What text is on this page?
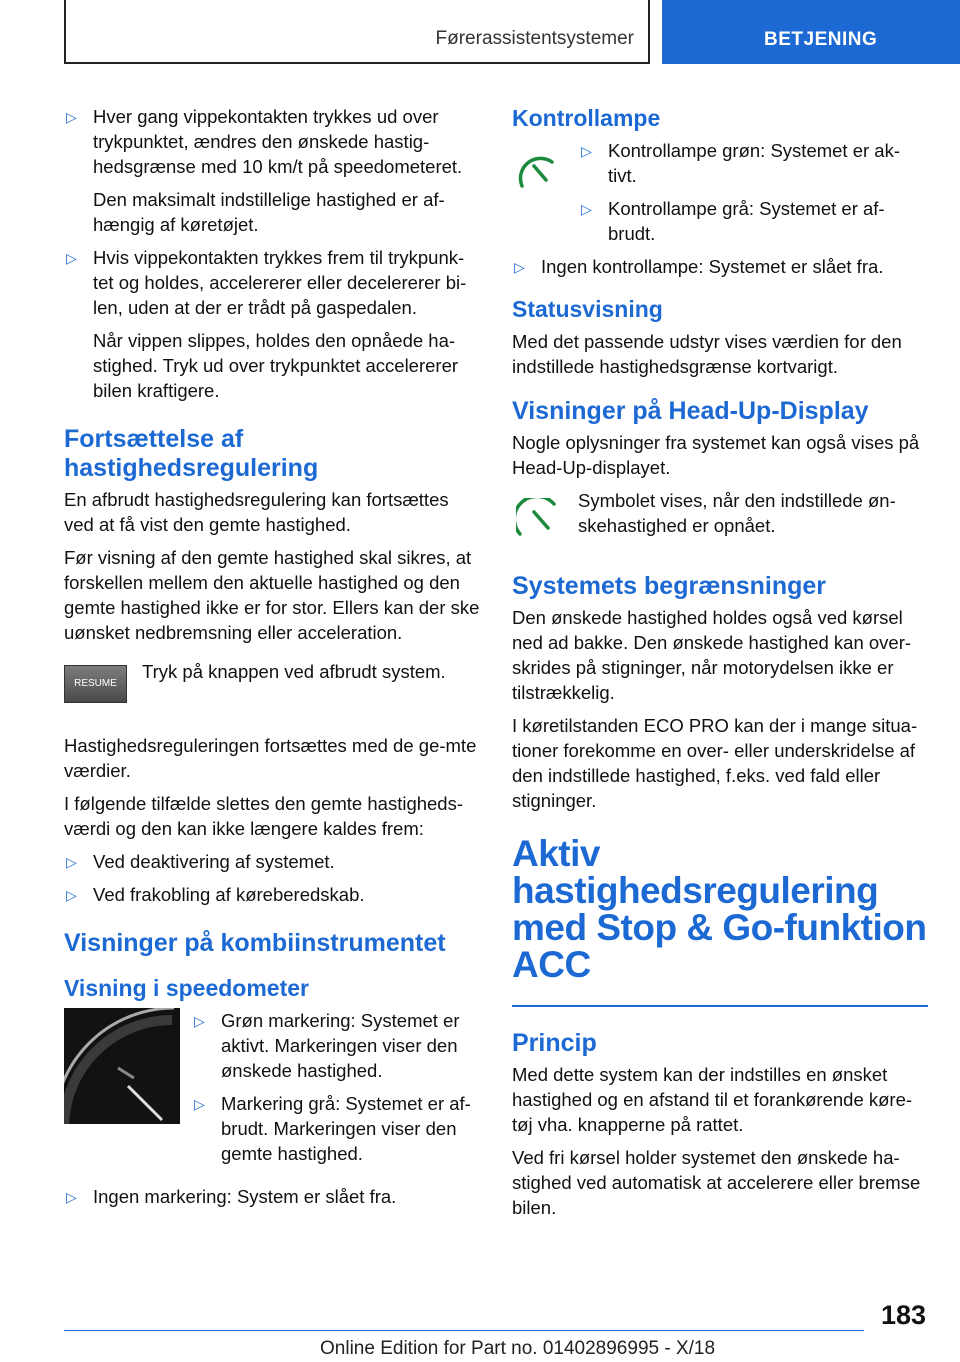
Førerassistentsystemer	BETJENING
▷ Hver gang vippekontakten trykkes ud over trykpunktet, ændres den ønskede hastig-hedsgrænse med 10 km/t på speedometeret.

Den maksimalt indstillelige hastighed er af-hængig af køretøjet.

▷ Hvis vippekontakten trykkes frem til trykpunk-tet og holdes, accelererer eller decelererer bi-len, uden at der er trådt på gaspedalen.

Når vippen slippes, holdes den opnåede ha-stighed. Tryk ud over trykpunktet accelererer bilen kraftigere.

Fortsættelse af hastighedsregulering

En afbrudt hastighedsregulering kan fortsættes ved at få vist den gemte hastighed.

Før visning af den gemte hastighed skal sikres, at forskellen mellem den aktuelle hastighed og den gemte hastighed ikke er for stor. Ellers kan der ske uønsket nedbremsning eller acceleration.

RESUME
Tryk på knappen ved afbrudt system.

Hastighedsreguleringen fortsættes med de ge-mte værdier.

I følgende tilfælde slettes den gemte hastigheds-værdi og den kan ikke længere kaldes frem:

▷ Ved deaktivering af systemet.

▷ Ved frakobling af køreberedskab.

Visninger på kombiinstrumentet
Visning i speedometer
▷ Grøn markering: Systemet er aktivt. Markeringen viser den ønskede hastighed.

▷ Markering grå: Systemet er af-brudt. Markeringen viser den gemte hastighed.

▷ Ingen markering: System er slået fra.

Kontrollampe
▷ Kontrollampe grøn: Systemet er ak-tivt.

▷ Kontrollampe grå: Systemet er af-brudt.

▷ Ingen kontrollampe: Systemet er slået fra.

Statusvisning

Med det passende udstyr vises værdien for den indstillede hastighedsgrænse kortvarigt.

Visninger på Head-Up-Display

Nogle oplysninger fra systemet kan også vises på Head-Up-displayet.

Symbolet vises, når den indstillede øn-skehastighed er opnået.
Systemets begrænsninger

Den ønskede hastighed holdes også ved kørsel ned ad bakke. Den ønskede hastighed kan over-skrides på stigninger, når motorydelsen ikke er tilstrækkelig.

I køretilstanden ECO PRO kan der i mange situa-tioner forekomme en over- eller underskridelse af den indstillede hastighed, f.eks. ved fald eller stigninger.

Aktiv hastighedsregulering med Stop & Go-funktion ACC
Princip

Med dette system kan der indstilles en ønsket hastighed og en afstand til et forankørende køre-tøj vha. knapperne på rattet.

Ved fri kørsel holder systemet den ønskede ha-stighed ved automatisk at accelerere eller bremse bilen.

183
Online Edition for Part no. 01402896995 - X/18
